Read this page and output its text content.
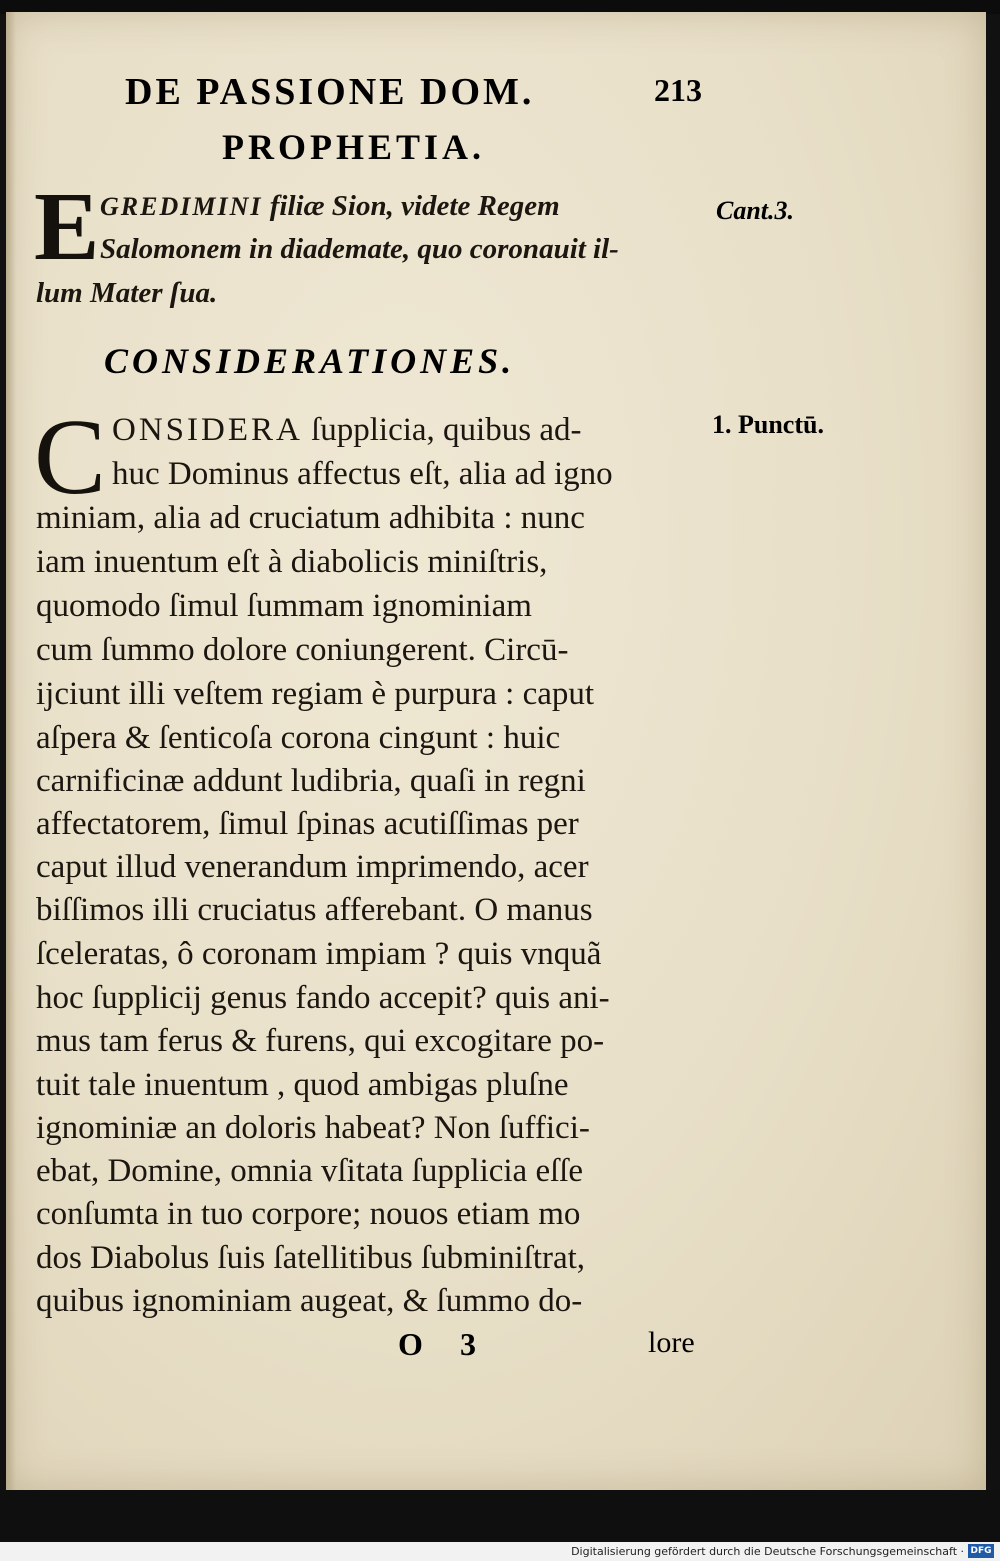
DE PASSIONE DOM.	213
PROPHETIA.
E GREDIMINI filiæ Sion, videte Regem
Salomonem in diademate, quo coronauit il-
lum Mater ſua.
Cant.3.
CONSIDERATIONES.
C	1. Punctū.
ONSIDERA ſupplicia, quibus ad-
huc Dominus affectus eſt, alia ad igno
miniam, alia ad cruciatum adhibita : nunc
iam inuentum eſt à diabolicis miniſtris,
quomodo ſimul ſummam ignominiam
cum ſummo dolore coniungerent. Circū-
ijciunt illi veſtem regiam è purpura : caput
aſpera & ſenticoſa corona cingunt : huic
carnificinæ addunt ludibria, quaſi in regni
affectatorem, ſimul ſpinas acutiſſimas per
caput illud venerandum imprimendo, acer
biſſimos illi cruciatus afferebant. O manus
ſceleratas, ô coronam impiam ? quis vnquã
hoc ſupplicij genus fando accepit? quis ani-
mus tam ferus & furens, qui excogitare po-
tuit tale inuentum , quod ambigas pluſne
ignominiæ an doloris habeat? Non ſuffici-
ebat, Domine, omnia vſitata ſupplicia eſſe
conſumta in tuo corpore; nouos etiam mo
dos Diabolus ſuis ſatellitibus ſubminiſtrat,
quibus ignominiam augeat, & ſummo do-
O 3	lore
Digitalisierung gefördert durch die Deutsche Forschungsgemeinschaft · DFG
